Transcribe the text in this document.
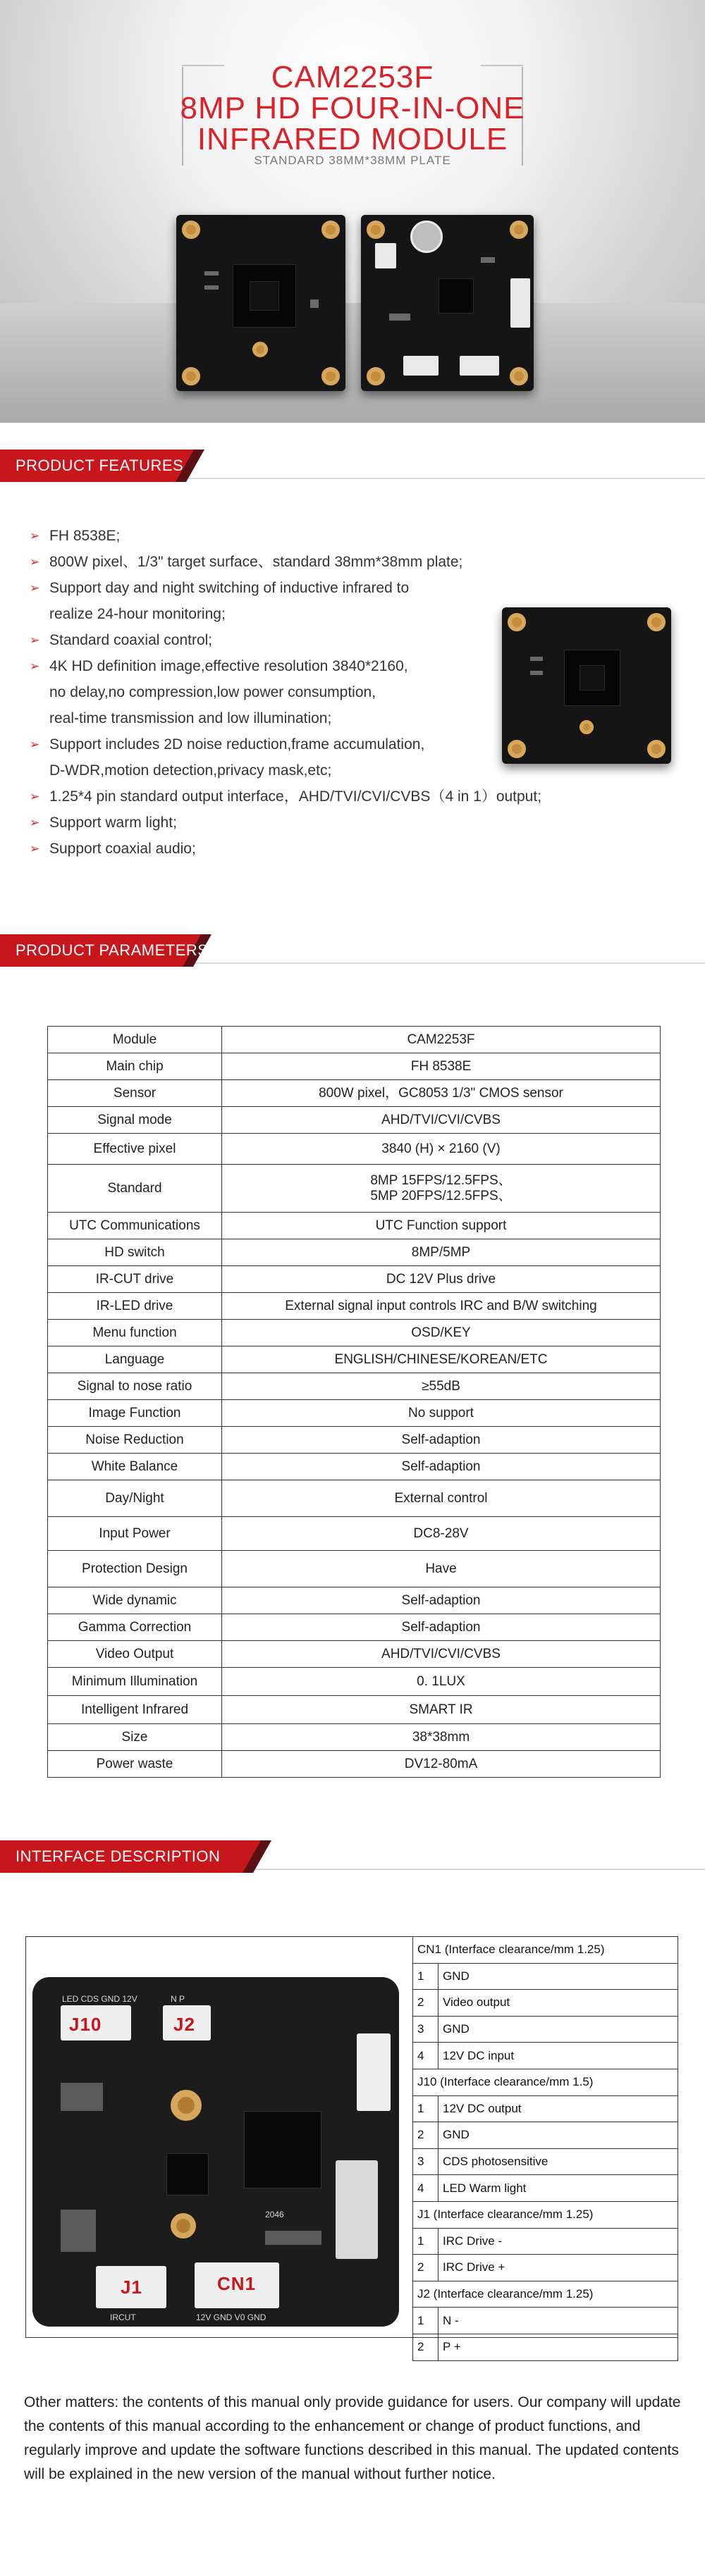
CAM2253F
8MP HD FOUR-IN-ONE
INFRARED MODULE
STANDARD 38MM*38MM PLATE
PRODUCT FEATURES
➢ FH 8538E;
➢ 800W pixel、1/3" target surface、standard 38mm*38mm plate;
➢ Support day and night switching of inductive infrared to
realize 24-hour monitoring;
➢ Standard coaxial control;
➢ 4K HD definition image,effective resolution 3840*2160,
no delay,no compression,low power consumption,
real-time transmission and low illumination;
➢ Support includes 2D noise reduction,frame accumulation,
D-WDR,motion detection,privacy mask,etc;
➢ 1.25*4 pin standard output interface，AHD/TVI/CVI/CVBS（4 in 1）output;
➢ Support warm light;
➢ Support coaxial audio;
PRODUCT PARAMETERS
Module	CAM2253F
Main chip	FH 8538E
Sensor	800W pixel，GC8053 1/3" CMOS sensor
Signal mode	AHD/TVI/CVI/CVBS
Effective pixel	3840 (H) × 2160 (V)
Standard	8MP 15FPS/12.5FPS、
5MP 20FPS/12.5FPS、

UTC Communications	UTC Function support
HD switch	8MP/5MP
IR-CUT drive	DC 12V Plus drive
IR-LED drive	External signal input controls IRC and B/W switching
Menu function	OSD/KEY
Language	ENGLISH/CHINESE/KOREAN/ETC
Signal to nose ratio	≥55dB
Image Function	No support
Noise Reduction	Self-adaption
White Balance	Self-adaption
Day/Night	External control
Input Power	DC8-28V
Protection Design	Have
Wide dynamic	Self-adaption
Gamma Correction	Self-adaption
Video Output	AHD/TVI/CVI/CVBS
Minimum Illumination	0. 1LUX
Intelligent Infrared	SMART IR
Size	38*38mm
Power waste	DV12-80mA
INTERFACE DESCRIPTION
J10	J2
J1	CN1
LED CDS GND 12V	N P
12V GND V0 GND
IRCUT
2046
CN1 (Interface clearance/mm 1.25)	
1	GND
2	Video output
3	GND
4	12V DC input
J10 (Interface clearance/mm 1.5)	
1	12V DC output
2	GND
3	CDS photosensitive
4	LED Warm light
J1 (Interface clearance/mm 1.25)	
1	IRC Drive -
2	IRC Drive +
J2 (Interface clearance/mm 1.25)	
1	N -
2	P +
Other matters: the contents of this manual only provide guidance for users. Our company will update the contents of this manual according to the enhancement or change of product functions, and regularly improve and update the software functions described in this manual. The updated contents will be explained in the new version of the manual without further notice.
